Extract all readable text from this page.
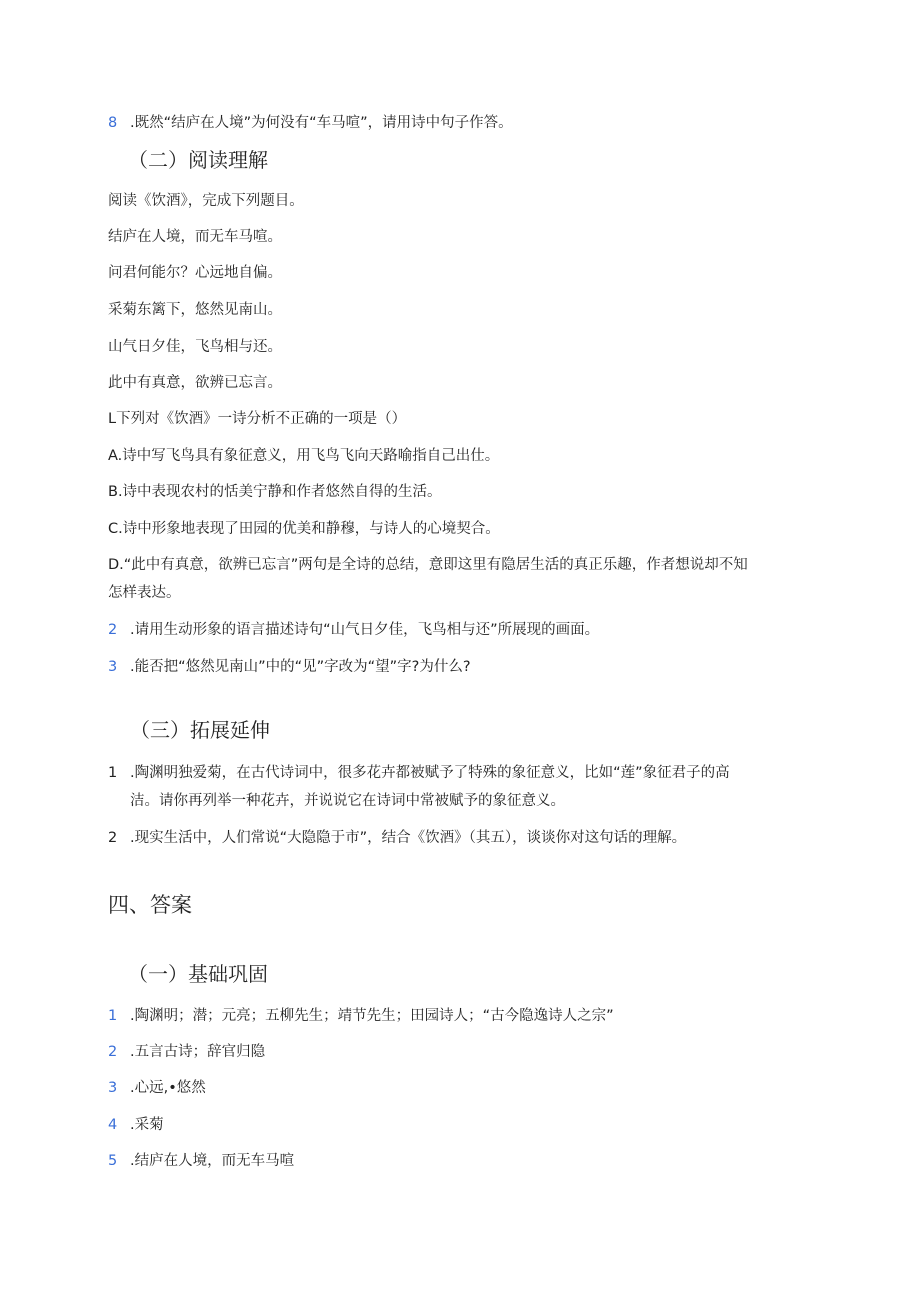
8 .既然“结庐在人境”为何没有“车马喧”，请用诗中句子作答。
（二）阅读理解
阅读《饮酒》，完成下列题目。
结庐在人境，而无车马喧。
问君何能尔？心远地自偏。
采菊东篱下，悠然见南山。
山气日夕佳，飞鸟相与还。
此中有真意，欲辨已忘言。
L下列对《饮酒》一诗分析不正确的一项是（）
A.诗中写飞鸟具有象征意义，用飞鸟飞向天路喻指自己出仕。
B.诗中表现农村的恬美宁静和作者悠然自得的生活。
C.诗中形象地表现了田园的优美和静穆，与诗人的心境契合。
D.“此中有真意，欲辨已忘言”两句是全诗的总结，意即这里有隐居生活的真正乐趣，作者想说却不知
怎样表达。
2 .请用生动形象的语言描述诗句“山气日夕佳，飞鸟相与还”所展现的画面。
3 .能否把“悠然见南山”中的“见”字改为“望”字?为什么?
（三）拓展延伸
1 .陶渊明独爱菊，在古代诗词中，很多花卉都被赋予了特殊的象征意义，比如“莲”象征君子的高
洁。请你再列举一种花卉，并说说它在诗词中常被赋予的象征意义。
2 .现实生活中，人们常说“大隐隐于市”，结合《饮酒》（其五），谈谈你对这句话的理解。
四、答案
（一）基础巩固
1 .陶渊明；潜；元亮；五柳先生；靖节先生；田园诗人；“古今隐逸诗人之宗”
2 .五言古诗；辞官归隐
3 .心远,•悠然
4 .采菊
5 .结庐在人境，而无车马喧
